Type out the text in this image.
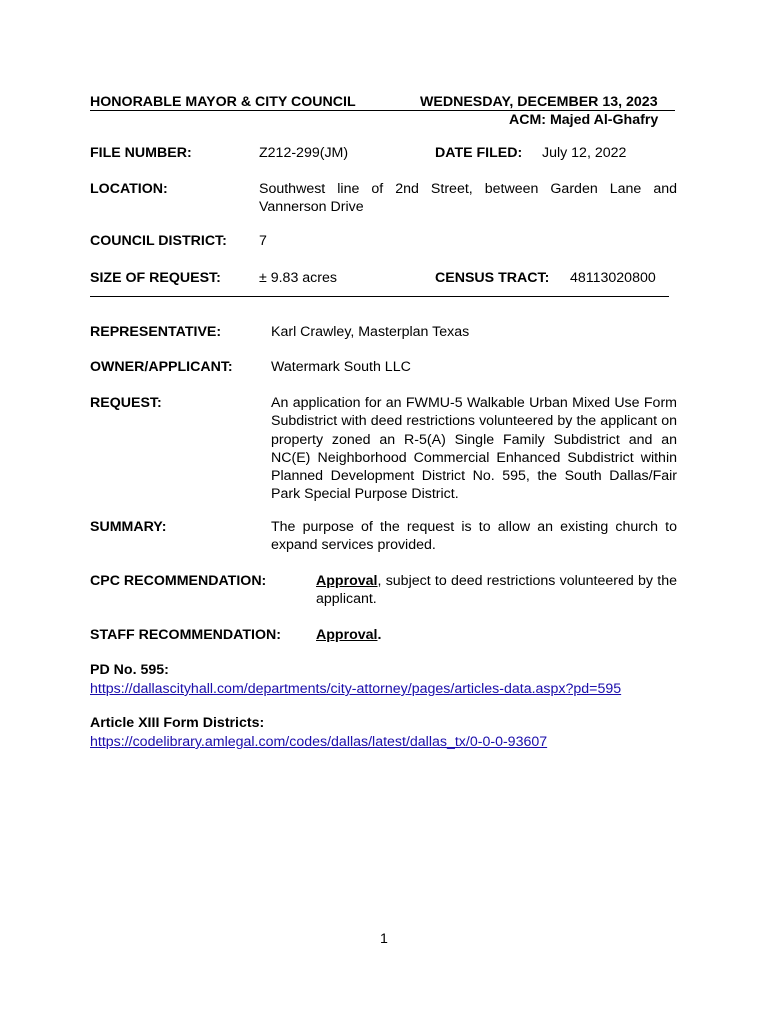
HONORABLE MAYOR & CITY COUNCIL	WEDNESDAY, DECEMBER 13, 2023
ACM: Majed Al-Ghafry
FILE NUMBER:	Z212-299(JM)	DATE FILED: July 12, 2022
LOCATION:	Southwest line of 2nd Street, between Garden Lane and Vannerson Drive
COUNCIL DISTRICT: 7
SIZE OF REQUEST:	± 9.83 acres	CENSUS TRACT: 48113020800
REPRESENTATIVE:	Karl Crawley, Masterplan Texas
OWNER/APPLICANT:	Watermark South LLC
REQUEST:	An application for an FWMU-5 Walkable Urban Mixed Use Form Subdistrict with deed restrictions volunteered by the applicant on property zoned an R-5(A) Single Family Subdistrict and an NC(E) Neighborhood Commercial Enhanced Subdistrict within Planned Development District No. 595, the South Dallas/Fair Park Special Purpose District.
SUMMARY:	The purpose of the request is to allow an existing church to expand services provided.
CPC RECOMMENDATION:	Approval, subject to deed restrictions volunteered by the applicant.
STAFF RECOMMENDATION: Approval.
PD No. 595:
https://dallascityhall.com/departments/city-attorney/pages/articles-data.aspx?pd=595
Article XIII Form Districts:
https://codelibrary.amlegal.com/codes/dallas/latest/dallas_tx/0-0-0-93607
1
